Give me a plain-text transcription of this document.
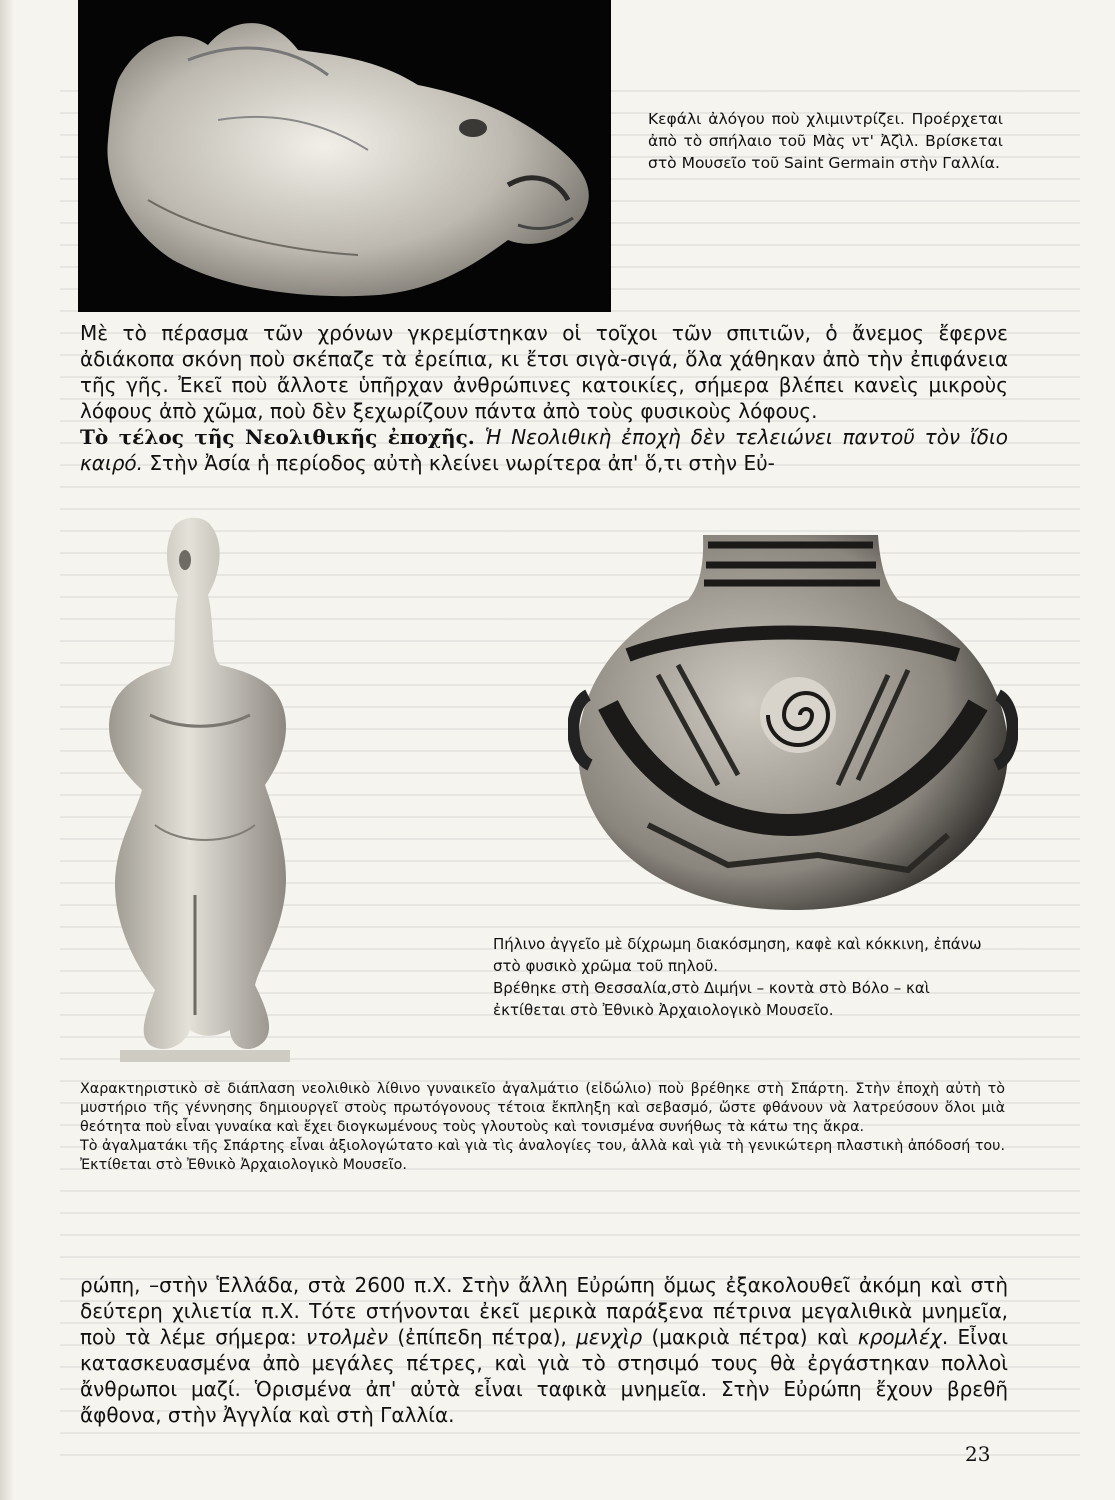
Κεφάλι ἀλόγου ποὺ χλιμιντρίζει. Προέρχεται ἀπὸ τὸ σπήλαιο τοῦ Μὰς ντ' Ἀζὶλ. Βρίσκεται στὸ Μουσεῖο τοῦ Saint Germain στὴν Γαλλία.

Μὲ τὸ πέρασμα τῶν χρόνων γκρεμίστηκαν οἱ τοῖχοι τῶν σπιτιῶν, ὁ ἄνεμος ἔφερνε ἀδιάκοπα σκόνη ποὺ σκέπαζε τὰ ἐρείπια, κι ἔτσι σιγὰ-σιγά, ὅλα χάθηκαν ἀπὸ τὴν ἐπιφάνεια τῆς γῆς. Ἐκεῖ ποὺ ἄλλοτε ὑπῆρχαν ἀνθρώπινες κατοικίες, σήμερα βλέπει κανεὶς μικροὺς λόφους ἀπὸ χῶμα, ποὺ δὲν ξεχωρίζουν πάντα ἀπὸ τοὺς φυσικοὺς λόφους.
Τὸ τέλος τῆς Νεολιθικῆς ἐποχῆς. Ἡ Νεολιθικὴ ἐποχὴ δὲν τελειώνει παντοῦ τὸν ἴδιο καιρό. Στὴν Ἀσία ἡ περίοδος αὐτὴ κλείνει νωρίτερα ἀπ' ὅ,τι στὴν Εὐ-

Πήλινο ἀγγεῖο μὲ δίχρωμη διακόσμηση, καφὲ καὶ κόκκινη, ἐπάνω στὸ φυσικὸ χρῶμα τοῦ πηλοῦ.
Βρέθηκε στὴ Θεσσαλία,στὸ Διμήνι – κοντὰ στὸ Βόλο – καὶ ἐκτίθεται στὸ Ἐθνικὸ Ἀρχαιολογικὸ Μουσεῖο.
Χαρακτηριστικὸ σὲ διάπλαση νεολιθικὸ λίθινο γυναικεῖο ἀγαλμάτιο (εἰδώλιο) ποὺ βρέθηκε στὴ Σπάρτη. Στὴν ἐποχὴ αὐτὴ τὸ μυστήριο τῆς γέννησης δημιουργεῖ στοὺς πρωτόγονους τέτοια ἔκπληξη καὶ σεβασμό, ὥστε φθάνουν νὰ λατρεύσουν ὅλοι μιὰ θεότητα ποὺ εἶναι γυναίκα καὶ ἔχει διογκωμένους τοὺς γλουτοὺς καὶ τονισμένα συνήθως τὰ κάτω της ἄκρα.
Τὸ ἀγαλματάκι τῆς Σπάρτης εἶναι ἀξιολογώτατο καὶ γιὰ τὶς ἀναλογίες του, ἀλλὰ καὶ γιὰ τὴ γενικώτερη πλαστικὴ ἀπόδοσή του. Ἐκτίθεται στὸ Ἐθνικὸ Ἀρχαιολογικὸ Μουσεῖο.

ρώπη, –στὴν Ἑλλάδα, στὰ 2600 π.Χ. Στὴν ἄλλη Εὐρώπη ὅμως ἐξακολουθεῖ ἀκόμη καὶ στὴ δεύτερη χιλιετία π.Χ. Τότε στήνονται ἐκεῖ μερικὰ παράξενα πέτρινα μεγαλιθικὰ μνημεῖα, ποὺ τὰ λέμε σήμερα: ντολμὲν (ἐπίπεδη πέτρα), μενχὶρ (μακριὰ πέτρα) καὶ κρομλέχ. Εἶναι κατασκευασμένα ἀπὸ μεγάλες πέτρες, καὶ γιὰ τὸ στησιμό τους θὰ ἐργάστηκαν πολλοὶ ἄνθρωποι μαζί. Ὁρισμένα ἀπ' αὐτὰ εἶναι ταφικὰ μνημεῖα. Στὴν Εὐρώπη ἔχουν βρεθῆ ἄφθονα, στὴν Ἀγγλία καὶ στὴ Γαλλία.

23
